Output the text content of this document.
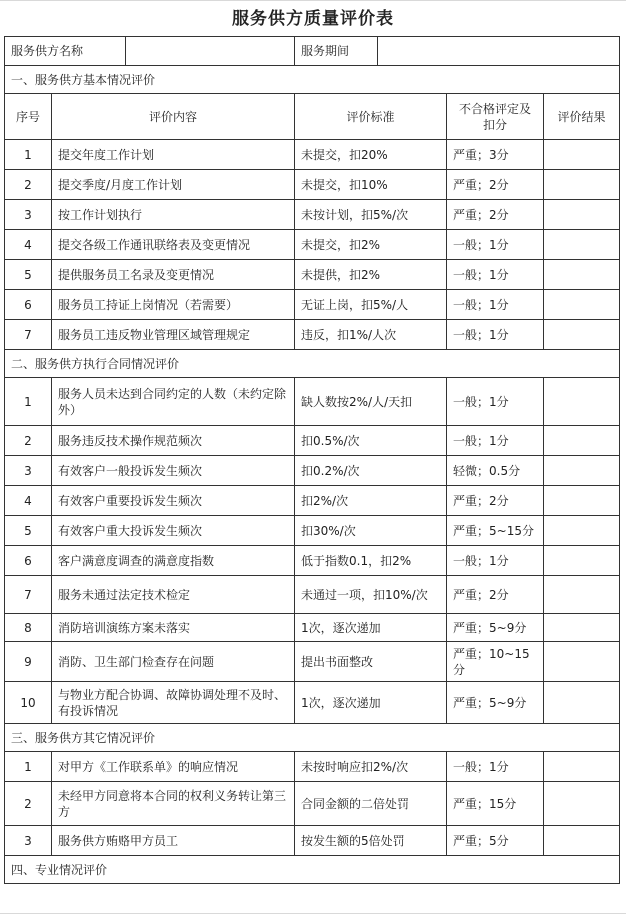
服务供方质量评价表
服务供方名称		服务期间		

一、服务供方基本情况评价				
序号	评价内容	评价标准	不合格评定及扣分	评价结果
1	提交年度工作计划	未提交，扣20%	严重；3分	
2	提交季度/月度工作计划	未提交，扣10%	严重；2分	
3	按工作计划执行	未按计划，扣5%/次	严重；2分	
4	提交各级工作通讯联络表及变更情况	未提交，扣2%	一般；1分	
5	提供服务员工名录及变更情况	未提供，扣2%	一般；1分	
6	服务员工持证上岗情况（若需要）	无证上岗，扣5%/人	一般；1分	
7	服务员工违反物业管理区域管理规定	违反，扣1%/人次	一般；1分	
二、服务供方执行合同情况评价				
1	服务人员未达到合同约定的人数（未约定除外）	缺人数按2%/人/天扣	一般；1分	
2	服务违反技术操作规范频次	扣0.5%/次	一般；1分	
3	有效客户一般投诉发生频次	扣0.2%/次	轻微；0.5分	
4	有效客户重要投诉发生频次	扣2%/次	严重；2分	
5	有效客户重大投诉发生频次	扣30%/次	严重；5~15分	
6	客户满意度调查的满意度指数	低于指数0.1，扣2%	一般；1分	
7	服务未通过法定技术检定	未通过一项，扣10%/次	严重；2分	
8	消防培训演练方案未落实	1次，逐次递加	严重；5~9分	
9	消防、卫生部门检查存在问题	提出书面整改	严重；10~15分	
10	与物业方配合协调、故障协调处理不及时、有投诉情况	1次，逐次递加	严重；5~9分	
三、服务供方其它情况评价				
1	对甲方《工作联系单》的响应情况	未按时响应扣2%/次	一般；1分	
2	未经甲方同意将本合同的权利义务转让第三方	合同金额的二倍处罚	严重；15分	
3	服务供方贿赂甲方员工	按发生额的5倍处罚	严重；5分	
四、专业情况评价				
